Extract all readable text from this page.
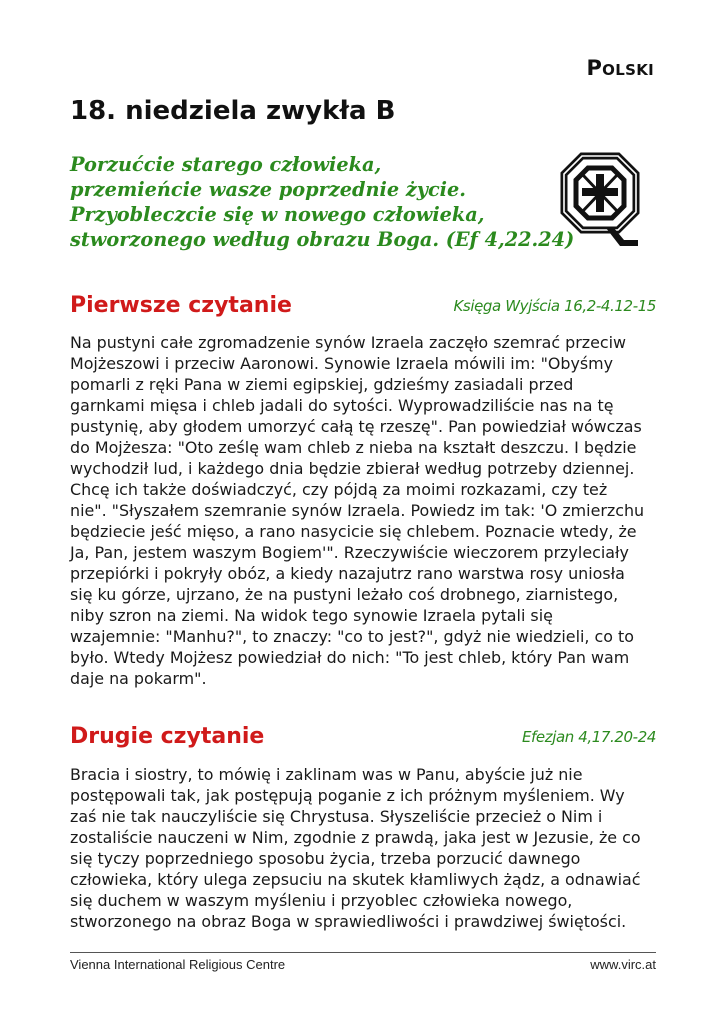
Polski
18. niedziela zwykła B

Porzućcie starego człowieka,
przemieńcie wasze poprzednie życie.
Przyobleczcie się w nowego człowieka,
stworzonego według obrazu Boga. (Ef 4,22.24)

Pierwsze czytanie	Księga Wyjścia 16,2-4.12-15

Na pustyni całe zgromadzenie synów Izraela zaczęło szemrać przeciw
Mojżeszowi i przeciw Aaronowi. Synowie Izraela mówili im: "Obyśmy
pomarli z ręki Pana w ziemi egipskiej, gdzieśmy zasiadali przed
garnkami mięsa i chleb jadali do sytości. Wyprowadziliście nas na tę
pustynię, aby głodem umorzyć całą tę rzeszę". Pan powiedział wówczas
do Mojżesza: "Oto ześlę wam chleb z nieba na kształt deszczu. I będzie
wychodził lud, i każdego dnia będzie zbierał według potrzeby dziennej.
Chcę ich także doświadczyć, czy pójdą za moimi rozkazami, czy też
nie". "Słyszałem szemranie synów Izraela. Powiedz im tak: 'O zmierzchu
będziecie jeść mięso, a rano nasycicie się chlebem. Poznacie wtedy, że
Ja, Pan, jestem waszym Bogiem'". Rzeczywiście wieczorem przyleciały
przepiórki i pokryły obóz, a kiedy nazajutrz rano warstwa rosy uniosła
się ku górze, ujrzano, że na pustyni leżało coś drobnego, ziarnistego,
niby szron na ziemi. Na widok tego synowie Izraela pytali się
wzajemnie: "Manhu?", to znaczy: "co to jest?", gdyż nie wiedzieli, co to
było. Wtedy Mojżesz powiedział do nich: "To jest chleb, który Pan wam
daje na pokarm".

Drugie czytanie	Efezjan 4,17.20-24

Bracia i siostry, to mówię i zaklinam was w Panu, abyście już nie
postępowali tak, jak postępują poganie z ich próżnym myśleniem. Wy
zaś nie tak nauczyliście się Chrystusa. Słyszeliście przecież o Nim i
zostaliście nauczeni w Nim, zgodnie z prawdą, jaka jest w Jezusie, że co
się tyczy poprzedniego sposobu życia, trzeba porzucić dawnego
człowieka, który ulega zepsuciu na skutek kłamliwych żądz, a odnawiać
się duchem w waszym myśleniu i przyoblec człowieka nowego,
stworzonego na obraz Boga w sprawiedliwości i prawdziwej świętości.

Vienna International Religious Centre	www.virc.at
